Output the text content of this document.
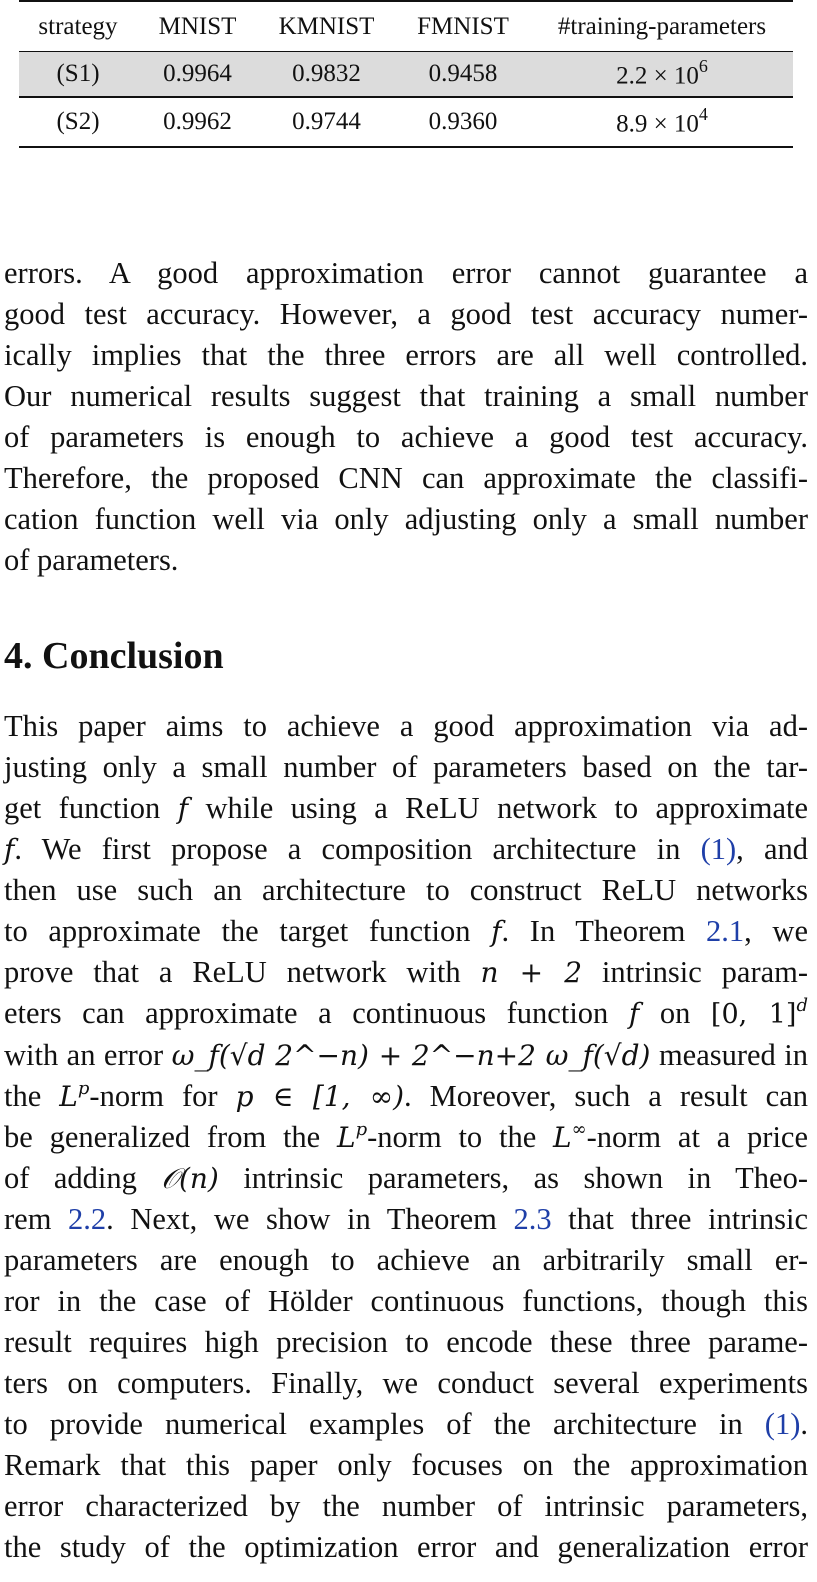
strategy	MNIST	KMNIST	FMNIST	#training-parameters
(S1)	0.9964	0.9832	0.9458	$2.2 \times 10^6$
(S2)	0.9962	0.9744	0.9360	$8.9 \times 10^4$
errors. A good approximation error cannot guarantee a
good test accuracy. However, a good test accuracy numer-
ically implies that the three errors are all well controlled.
Our numerical results suggest that training a small number
of parameters is enough to achieve a good test accuracy.
Therefore, the proposed CNN can approximate the classifi-
cation function well via only adjusting only a small number
of parameters.
4. Conclusion
This paper aims to achieve a good approximation via ad-
justing only a small number of parameters based on the tar-
get function f while using a ReLU network to approximate
f. We first propose a composition architecture in (1), and
then use such an architecture to construct ReLU networks
to approximate the target function f. In Theorem 2.1, we
prove that a ReLU network with n + 2 intrinsic param-
eters can approximate a continuous function f on [0, 1]$^d$
with an error ω_f(√d 2^−n) + 2^−n+2 ω_f(√d) measured in
the $L^p$-norm for p ∈ [1, ∞). Moreover, such a result can
be generalized from the $L^p$-norm to the L∞-norm at a price
of adding 𝒪(n) intrinsic parameters, as shown in Theo-
rem 2.2. Next, we show in Theorem 2.3 that three intrinsic
parameters are enough to achieve an arbitrarily small er-
ror in the case of Hölder continuous functions, though this
result requires high precision to encode these three parame-
ters on computers. Finally, we conduct several experiments
to provide numerical examples of the architecture in (1).
Remark that this paper only focuses on the approximation
error characterized by the number of intrinsic parameters,
the study of the optimization error and generalization error
